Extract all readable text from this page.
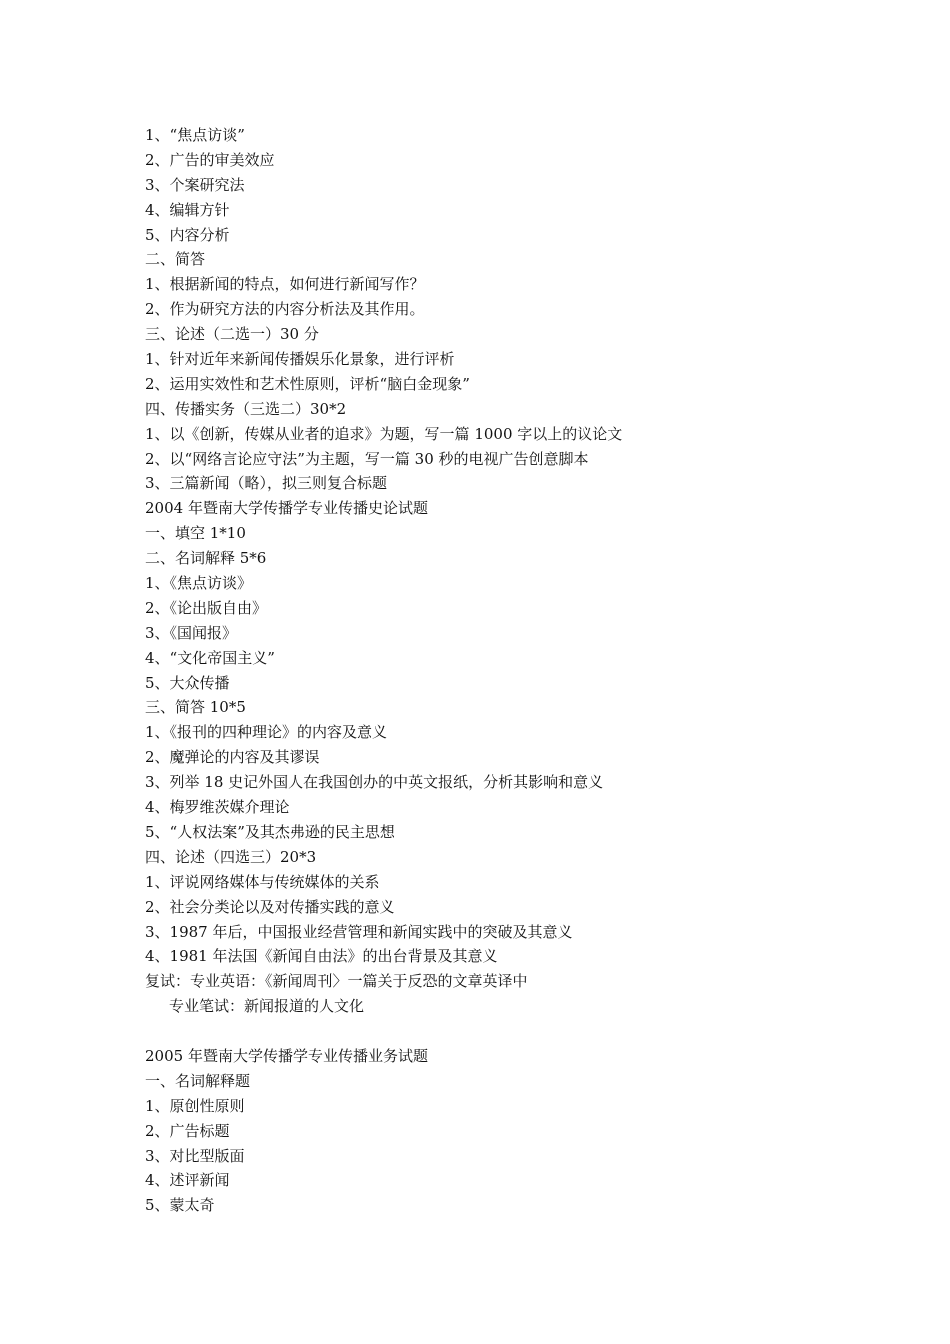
1、“焦点访谈”
2、广告的审美效应
3、个案研究法
4、编辑方针
5、内容分析
二、简答
1、根据新闻的特点，如何进行新闻写作？
2、作为研究方法的内容分析法及其作用。
三、论述（二选一）30 分
1、针对近年来新闻传播娱乐化景象，进行评析
2、运用实效性和艺术性原则，评析“脑白金现象”
四、传播实务（三选二）30*2
1、以《创新，传媒从业者的追求》为题，写一篇 1000 字以上的议论文
2、以“网络言论应守法”为主题，写一篇 30 秒的电视广告创意脚本
3、三篇新闻（略），拟三则复合标题
2004 年暨南大学传播学专业传播史论试题
一、填空 1*10
二、名词解释 5*6
1、《焦点访谈》
2、《论出版自由》
3、《国闻报》
4、“文化帝国主义”
5、大众传播
三、简答 10*5
1、《报刊的四种理论》的内容及意义
2、魔弹论的内容及其谬误
3、列举 18 史记外国人在我国创办的中英文报纸，分析其影响和意义
4、梅罗维茨媒介理论
5、“人权法案”及其杰弗逊的民主思想
四、论述（四选三）20*3
1、评说网络媒体与传统媒体的关系
2、社会分类论以及对传播实践的意义
3、1987 年后，中国报业经营管理和新闻实践中的突破及其意义
4、1981 年法国《新闻自由法》的出台背景及其意义
复试：专业英语：《新闻周刊〉一篇关于反恐的文章英译中
专业笔试：新闻报道的人文化
2005 年暨南大学传播学专业传播业务试题
一、名词解释题
1、原创性原则
2、广告标题
3、对比型版面
4、述评新闻
5、蒙太奇
